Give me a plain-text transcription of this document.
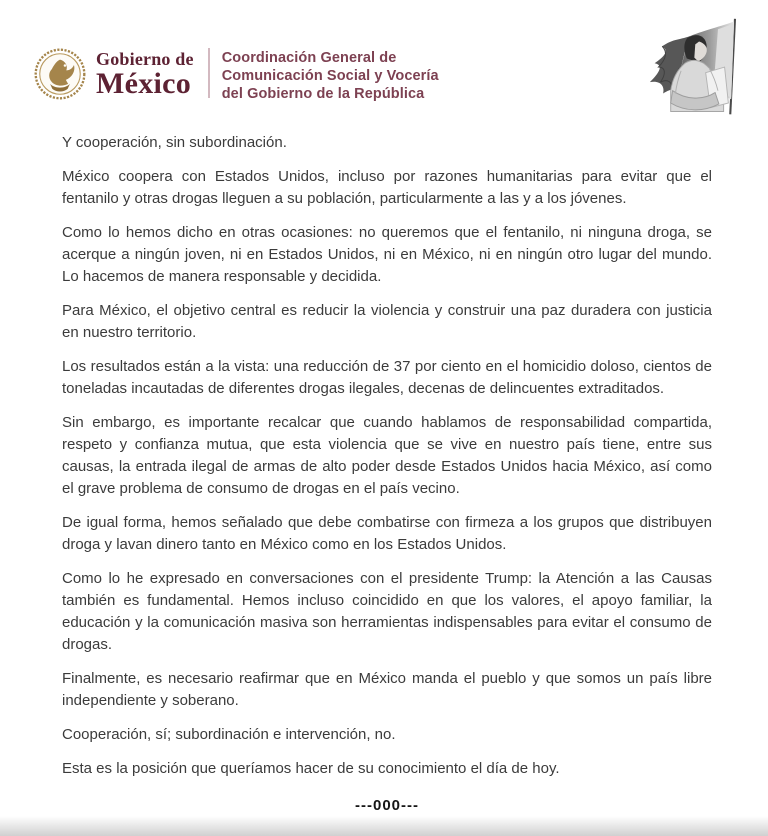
Gobierno de
México
Coordinación General de
Comunicación Social y Vocería
del Gobierno de la República

Y cooperación, sin subordinación.

México coopera con Estados Unidos, incluso por razones humanitarias para evitar que el fentanilo y otras drogas lleguen a su población, particularmente a las y a los jóvenes.

Como lo hemos dicho en otras ocasiones: no queremos que el fentanilo, ni ninguna droga, se acerque a ningún joven, ni en Estados Unidos, ni en México, ni en ningún otro lugar del mundo. Lo hacemos de manera responsable y decidida.

Para México, el objetivo central es reducir la violencia y construir una paz duradera con justicia en nuestro territorio.

Los resultados están a la vista: una reducción de 37 por ciento en el homicidio doloso, cientos de toneladas incautadas de diferentes drogas ilegales, decenas de delincuentes extraditados.

Sin embargo, es importante recalcar que cuando hablamos de responsabilidad compartida, respeto y confianza mutua, que esta violencia que se vive en nuestro país tiene, entre sus causas, la entrada ilegal de armas de alto poder desde Estados Unidos hacia México, así como el grave problema de consumo de drogas en el país vecino.

De igual forma, hemos señalado que debe combatirse con firmeza a los grupos que distribuyen droga y lavan dinero tanto en México como en los Estados Unidos.

Como lo he expresado en conversaciones con el presidente Trump: la Atención a las Causas también es fundamental. Hemos incluso coincidido en que los valores, el apoyo familiar, la educación y la comunicación masiva son herramientas indispensables para evitar el consumo de drogas.

Finalmente, es necesario reafirmar que en México manda el pueblo y que somos un país libre independiente y soberano.

Cooperación, sí; subordinación e intervención, no.

Esta es la posición que queríamos hacer de su conocimiento el día de hoy.

---000---
